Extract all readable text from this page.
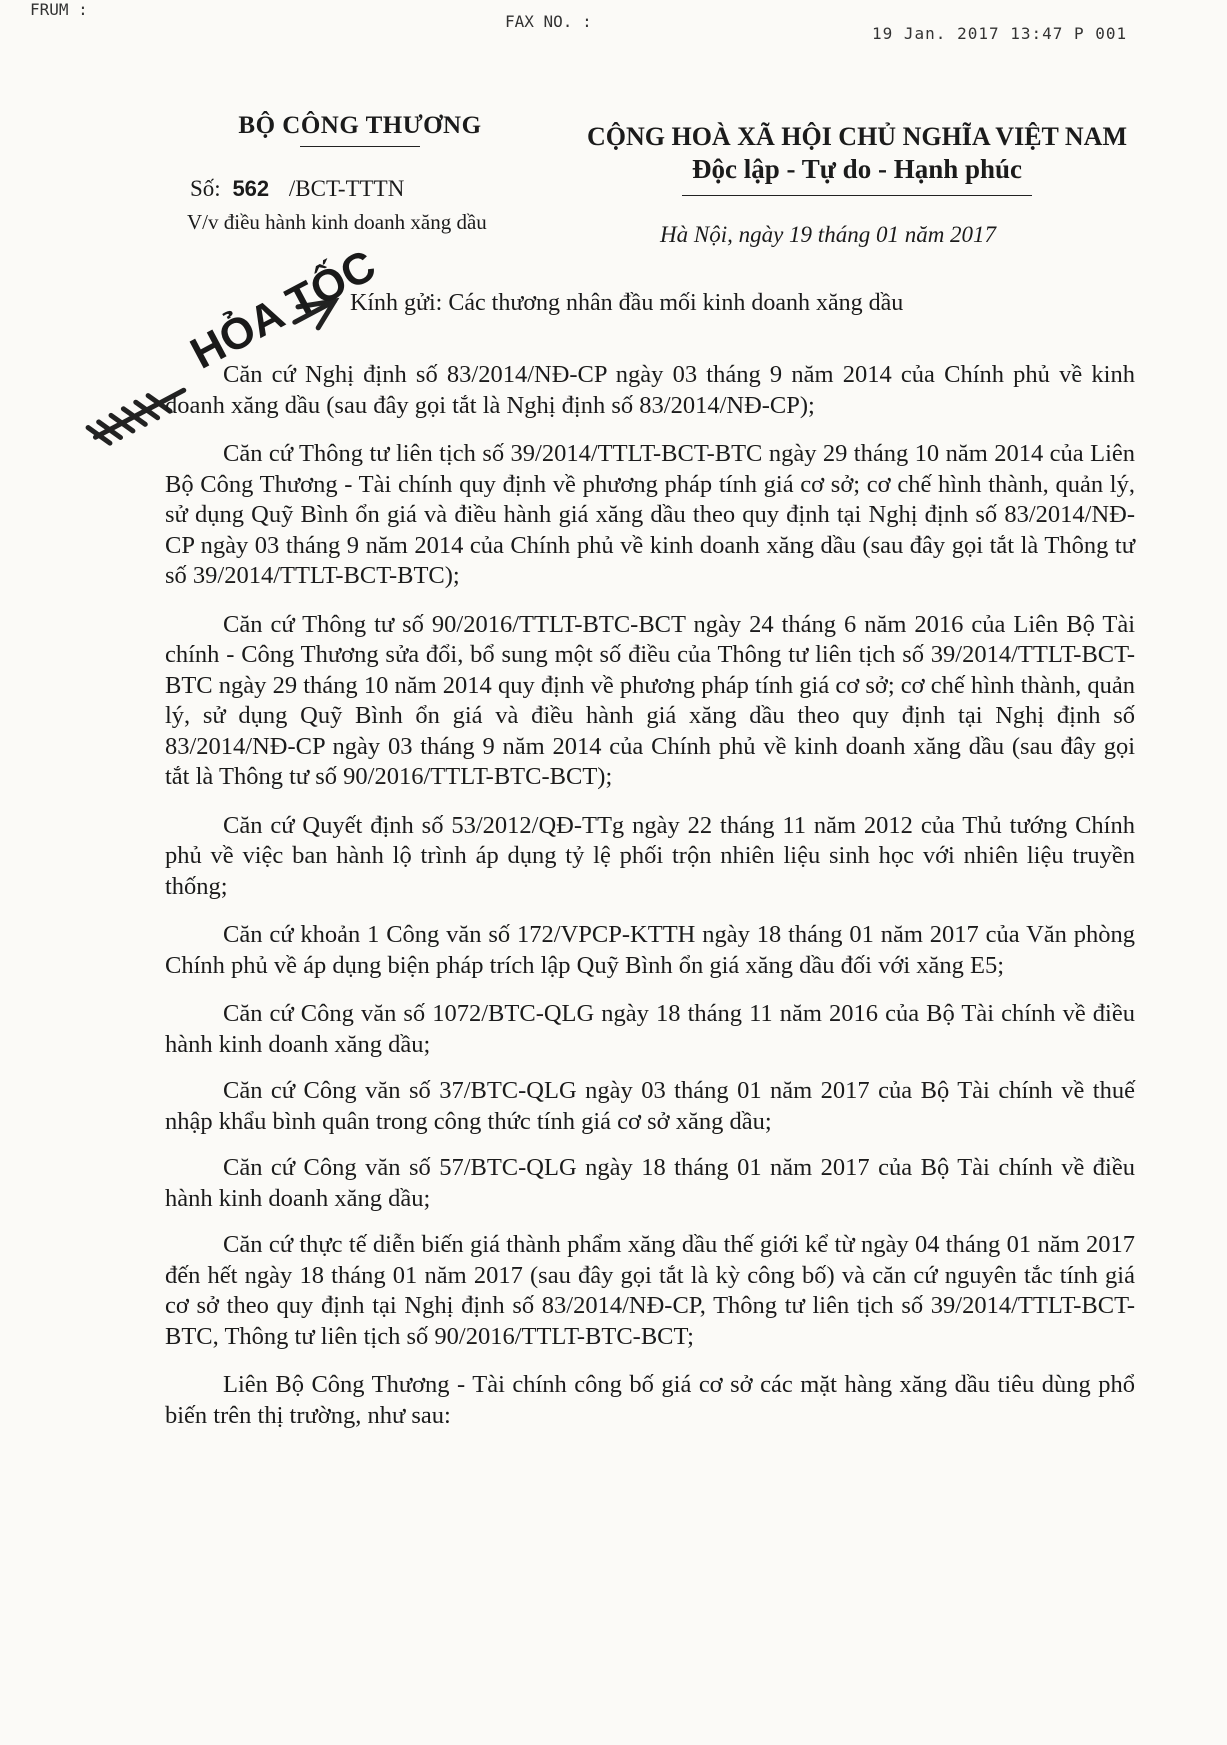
FRUM :
FAX NO. :
19 Jan. 2017 13:47 P 001
BỘ CÔNG THƯƠNG
Số: 562 /BCT-TTTN
V/v điều hành kinh doanh xăng dầu
CỘNG HOÀ XÃ HỘI CHỦ NGHĨA VIỆT NAM
Độc lập - Tự do - Hạnh phúc
Hà Nội, ngày 19 tháng 01 năm 2017
HỎA TỐC
Kính gửi: Các thương nhân đầu mối kinh doanh xăng dầu

Căn cứ Nghị định số 83/2014/NĐ-CP ngày 03 tháng 9 năm 2014 của Chính phủ về kinh doanh xăng dầu (sau đây gọi tắt là Nghị định số 83/2014/NĐ-CP);

Căn cứ Thông tư liên tịch số 39/2014/TTLT-BCT-BTC ngày 29 tháng 10 năm 2014 của Liên Bộ Công Thương - Tài chính quy định về phương pháp tính giá cơ sở; cơ chế hình thành, quản lý, sử dụng Quỹ Bình ổn giá và điều hành giá xăng dầu theo quy định tại Nghị định số 83/2014/NĐ-CP ngày 03 tháng 9 năm 2014 của Chính phủ về kinh doanh xăng dầu (sau đây gọi tắt là Thông tư số 39/2014/TTLT-BCT-BTC);

Căn cứ Thông tư số 90/2016/TTLT-BTC-BCT ngày 24 tháng 6 năm 2016 của Liên Bộ Tài chính - Công Thương sửa đổi, bổ sung một số điều của Thông tư liên tịch số 39/2014/TTLT-BCT-BTC ngày 29 tháng 10 năm 2014 quy định về phương pháp tính giá cơ sở; cơ chế hình thành, quản lý, sử dụng Quỹ Bình ổn giá và điều hành giá xăng dầu theo quy định tại Nghị định số 83/2014/NĐ-CP ngày 03 tháng 9 năm 2014 của Chính phủ về kinh doanh xăng dầu (sau đây gọi tắt là Thông tư số 90/2016/TTLT-BTC-BCT);

Căn cứ Quyết định số 53/2012/QĐ-TTg ngày 22 tháng 11 năm 2012 của Thủ tướng Chính phủ về việc ban hành lộ trình áp dụng tỷ lệ phối trộn nhiên liệu sinh học với nhiên liệu truyền thống;

Căn cứ khoản 1 Công văn số 172/VPCP-KTTH ngày 18 tháng 01 năm 2017 của Văn phòng Chính phủ về áp dụng biện pháp trích lập Quỹ Bình ổn giá xăng dầu đối với xăng E5;

Căn cứ Công văn số 1072/BTC-QLG ngày 18 tháng 11 năm 2016 của Bộ Tài chính về điều hành kinh doanh xăng dầu;

Căn cứ Công văn số 37/BTC-QLG ngày 03 tháng 01 năm 2017 của Bộ Tài chính về thuế nhập khẩu bình quân trong công thức tính giá cơ sở xăng dầu;

Căn cứ Công văn số 57/BTC-QLG ngày 18 tháng 01 năm 2017 của Bộ Tài chính về điều hành kinh doanh xăng dầu;

Căn cứ thực tế diễn biến giá thành phẩm xăng dầu thế giới kể từ ngày 04 tháng 01 năm 2017 đến hết ngày 18 tháng 01 năm 2017 (sau đây gọi tắt là kỳ công bố) và căn cứ nguyên tắc tính giá cơ sở theo quy định tại Nghị định số 83/2014/NĐ-CP, Thông tư liên tịch số 39/2014/TTLT-BCT-BTC, Thông tư liên tịch số 90/2016/TTLT-BTC-BCT;

Liên Bộ Công Thương - Tài chính công bố giá cơ sở các mặt hàng xăng dầu tiêu dùng phổ biến trên thị trường, như sau:
